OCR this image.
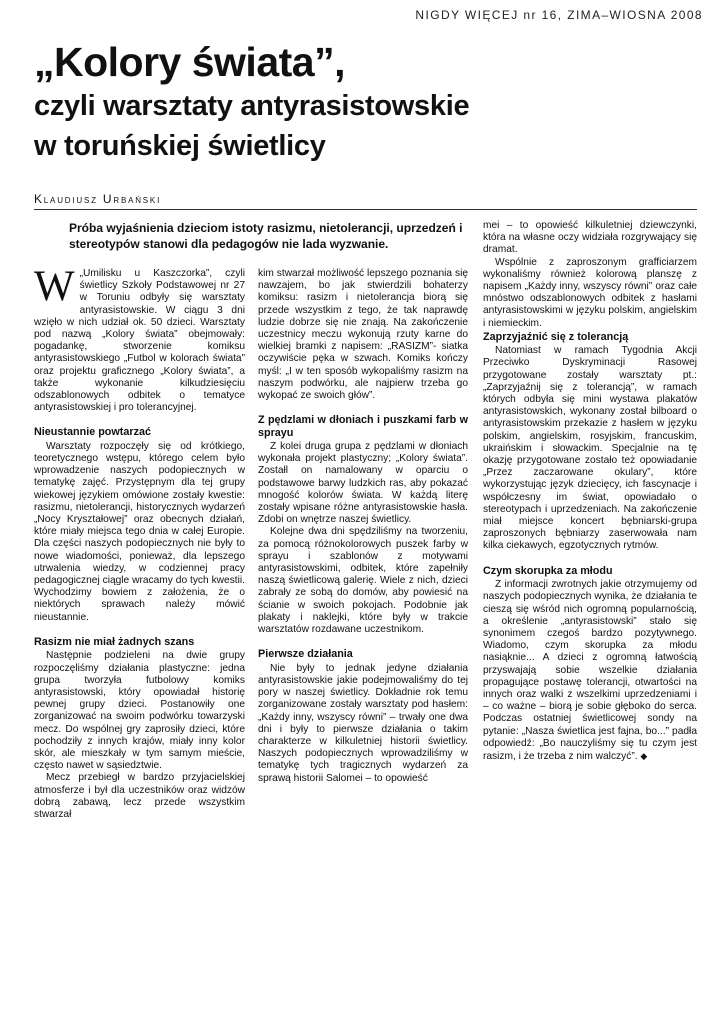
NIGDY WIĘCEJ nr 16, ZIMA–WIOSNA 2008
„Kolory świata”,
czyli warsztaty antyrasistowskie
w toruńskiej świetlicy
Klaudiusz Urbański
Próba wyjaśnienia dzieciom istoty rasizmu, nietolerancji, uprzedzeń i stereotypów stanowi dla pedagogów nie lada wyzwanie.

W „Umilisku u Kaszczorka”, czyli świetlicy Szkoły Podstawowej nr 27 w Toruniu odbyły się warsztaty antyrasistowskie. W ciągu 3 dni wzięło w nich udział ok. 50 dzieci. Warsztaty pod nazwą „Kolory świata” obejmowały: pogadankę, stworzenie komiksu antyrasistowskiego „Futbol w kolorach świata” oraz projektu graficznego „Kolory świata”, a także wykonanie kilkudziesięciu odszablonowych odbitek o tematyce antyrasistowskiej i pro tolerancyjnej.

Nieustannie powtarzać

Warsztaty rozpoczęły się od krótkiego, teoretycznego wstępu, którego celem było wprowadzenie naszych podopiecznych w tematykę zajęć. Przystępnym dla tej grupy wiekowej językiem omówione zostały kwestie: rasizmu, nietolerancji, historycznych wydarzeń „Nocy Kryształowej” oraz obecnych działań, które miały miejsca tego dnia w całej Europie. Dla części naszych podopiecznych nie były to nowe wiadomości, ponieważ, dla lepszego utrwalenia wiedzy, w codziennej pracy pedagogicznej ciągle wracamy do tych kwestii. Wychodzimy bowiem z założenia, że o niektórych sprawach należy mówić nieustannie.

Rasizm nie miał żadnych szans

Następnie podzieleni na dwie grupy rozpoczęliśmy działania plastyczne: jedna grupa tworzyła futbolowy komiks antyrasistowski, który opowiadał historię pewnej grupy dzieci. Postanowiły one zorganizować na swoim podwórku towarzyski mecz. Do wspólnej gry zaprosiły dzieci, które pochodziły z innych krajów, miały inny kolor skór, ale mieszkały w tym samym mieście, często nawet w sąsiedztwie.

Mecz przebiegł w bardzo przyjacielskiej atmosferze i był dla uczestników oraz widzów dobrą zabawą, lecz przede wszystkim stwarzał

kim stwarzał możliwość lepszego poznania się nawzajem, bo jak stwierdzili bohaterzy komiksu: rasizm i nietolerancja biorą się przede wszystkim z tego, że tak naprawdę ludzie dobrze się nie znają. Na zakończenie uczestnicy meczu wykonują rzuty karne do wielkiej bramki z napisem: „RASIZM”- siatka oczywiście pęka w szwach. Komiks kończy myśl: „I w ten sposób wykopaliśmy rasizm na naszym podwórku, ale najpierw trzeba go wykopać ze swoich głów”.

Z pędzlami w dłoniach i puszkami farb w sprayu

Z kolei druga grupa z pędzlami w dłoniach wykonała projekt plastyczny; „Kolory świata”. Zostałl on namalowany w oparciu o podstawowe barwy ludzkich ras, aby pokazać mnogość kolorów świata. W każdą literę zostały wpisane różne antyrasistowskie hasła. Zdobi on wnętrze naszej świetlicy.

Kolejne dwa dni spędziliśmy na tworzeniu, za pomocą różnokolorowych puszek farby w sprayu i szablonów z motywami antyrasistowskimi, odbitek, które zapełniły naszą świetlicową galerię. Wiele z nich, dzieci zabrały ze sobą do domów, aby powiesić na ścianie w swoich pokojach. Podobnie jak plakaty i naklejki, które były w trakcie warsztatów rozdawane uczestnikom.

Pierwsze działania

Nie były to jednak jedyne działania antyrasistowskie jakie podejmowaliśmy do tej pory w naszej świetlicy. Dokładnie rok temu zorganizowane zostały warsztaty pod hasłem: „Każdy inny, wszyscy równi” – trwały one dwa dni i były to pierwsze działania o takim charakterze w kilkuletniej historii świetlicy. Naszych podopiecznych wprowadziliśmy w tematykę tych tragicznych wydarzeń za sprawą historii Salomei – to opowieść

mei – to opowieść kilkuletniej dziewczynki, która na własne oczy widziała rozgrywający się dramat.

Wspólnie z zaproszonym grafficiarzem wykonaliśmy również kolorową planszę z napisem „Każdy inny, wszyscy równi” oraz całe mnóstwo odszablonowych odbitek z hasłami antyrasistowskimi w języku polskim, angielskim i niemieckim.

Zaprzyjaźnić się z tolerancją

Natomiast w ramach Tygodnia Akcji Przeciwko Dyskryminacji Rasowej przygotowane zostały warsztaty pt.: „Zaprzyjaźnij się z tolerancją”, w ramach których odbyła się mini wystawa plakatów antyrasistowskich, wykonany został bilboard o antyrasistowskim przekazie z hasłem w języku polskim, angielskim, rosyjskim, francuskim, ukraińskim i słowackim. Specjalnie na tę okazję przygotowane zostało też opowiadanie „Przez zaczarowane okulary”, które wykorzystując język dziecięcy, ich fascynacje i współczesny im świat, opowiadało o stereotypach i uprzedzeniach. Na zakończenie miał miejsce koncert bębniarski-grupa zaproszonych bębniarzy zaserwowała nam kilka ciekawych, egzotycznych rytmów.

Czym skorupka za młodu

Z informacji zwrotnych jakie otrzymujemy od naszych podopiecznych wynika, że działania te cieszą się wśród nich ogromną popularnością, a określenie „antyrasistowski” stało się synonimem czegoś bardzo pozytywnego. Wiadomo, czym skorupka za młodu nasiąknie... A dzieci z ogromną łatwością przyswajają sobie wszelkie działania propagujące postawę tolerancji, otwartości na innych oraz walki z wszelkimi uprzedzeniami i – co ważne – biorą je sobie głęboko do serca. Podczas ostatniej świetlicowej sondy na pytanie: „Nasza świetlica jest fajna, bo...” padła odpowiedź: „Bo nauczyliśmy się tu czym jest rasizm, i że trzeba z nim walczyć”. ◆
